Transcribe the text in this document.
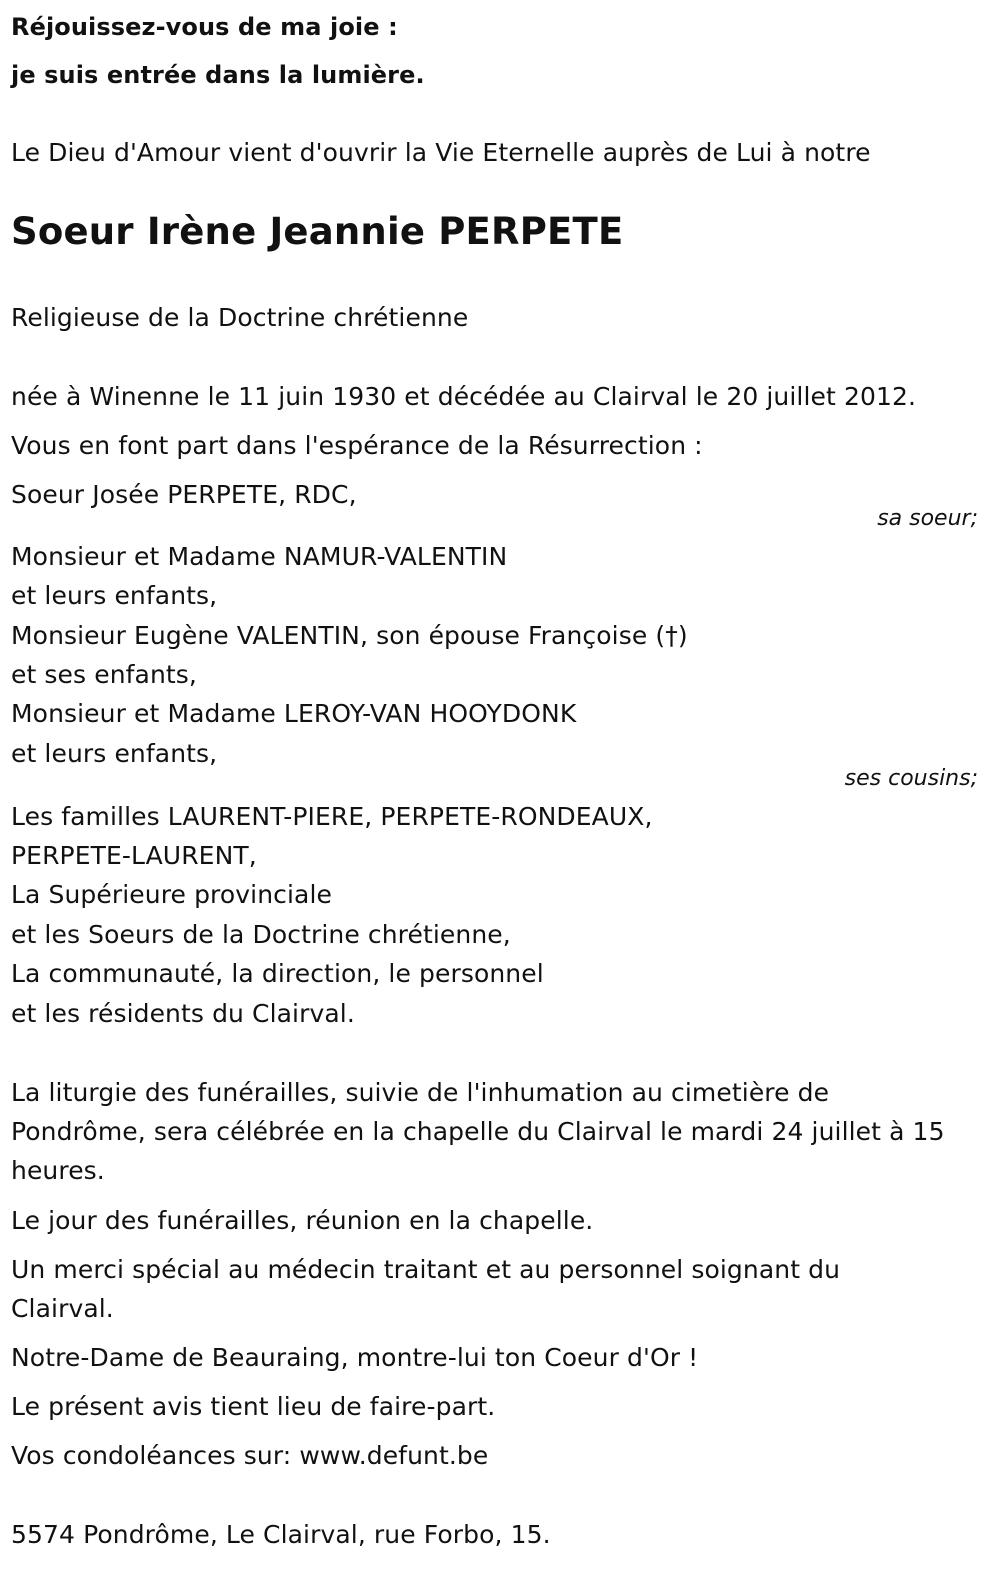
Réjouissez-vous de ma joie :
je suis entrée dans la lumière.
Le Dieu d'Amour vient d'ouvrir la Vie Eternelle auprès de Lui à notre
Soeur Irène Jeannie PERPETE
Religieuse de la Doctrine chrétienne
née à Winenne le 11 juin 1930 et décédée au Clairval le 20 juillet 2012.
Vous en font part dans l'espérance de la Résurrection :
Soeur Josée PERPETE, RDC,
sa soeur;
Monsieur et Madame NAMUR-VALENTIN
et leurs enfants,
Monsieur Eugène VALENTIN, son épouse Françoise (†)
et ses enfants,
Monsieur et Madame LEROY-VAN HOOYDONK
et leurs enfants,
ses cousins;
Les familles LAURENT-PIERE, PERPETE-RONDEAUX,
PERPETE-LAURENT,
La Supérieure provinciale
et les Soeurs de la Doctrine chrétienne,
La communauté, la direction, le personnel
et les résidents du Clairval.
La liturgie des funérailles, suivie de l'inhumation au cimetière de
Pondrôme, sera célébrée en la chapelle du Clairval le mardi 24 juillet à 15
heures.
Le jour des funérailles, réunion en la chapelle.
Un merci spécial au médecin traitant et au personnel soignant du
Clairval.
Notre-Dame de Beauraing, montre-lui ton Coeur d'Or !
Le présent avis tient lieu de faire-part.
Vos condoléances sur: www.defunt.be
5574 Pondrôme, Le Clairval, rue Forbo, 15.
